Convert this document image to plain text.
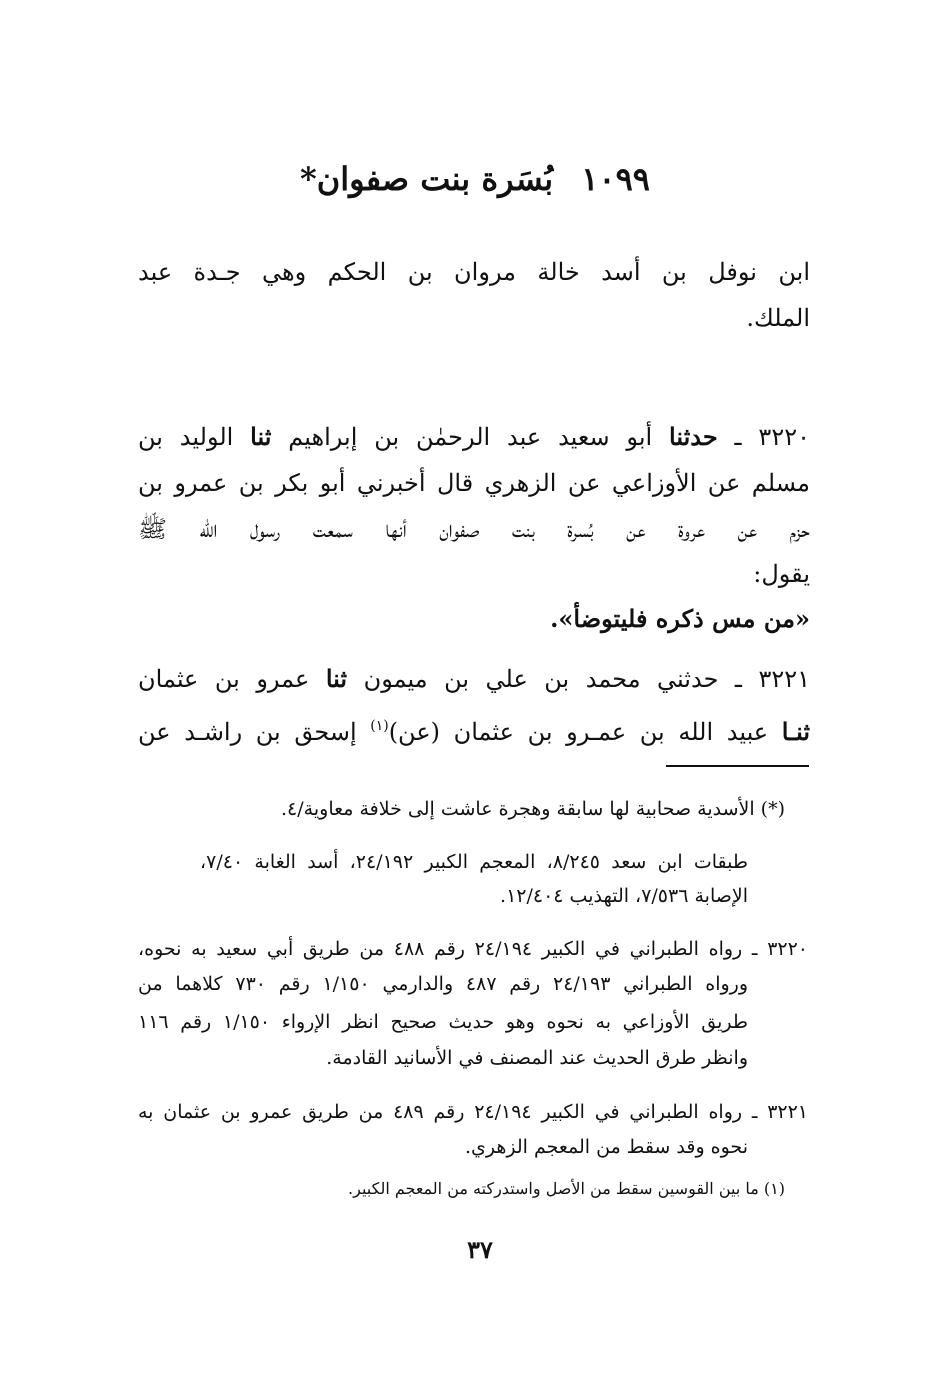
١٠٩٩بُسَرة بنت صفوان*
ابن نوفل بن أسد خالة مروان بن الحكم وهي جـدة عبد
الملك.
٣٢٢٠ ـ حدثنا أبو سعيد عبد الرحمٰن بن إبراهيم ثنا الوليد بن
مسلم عن الأوزاعي عن الزهري قال أخبرني أبو بكر بن عمرو بن
حزم عن عروة عن بُسرة بنت صفوان أنها سمعت رسول الله ﷺ
يقول:
«من مس ذكره فليتوضأ».
٣٢٢١ ـ حدثني محمد بن علي بن ميمون ثنا عمرو بن عثمان
ثنـا عبيد الله بن عمـرو بن عثمان (عن)$^{(١)}$ إسحق بن راشـد عن
(*) الأسدية صحابية لها سابقة وهجرة عاشت إلى خلافة معاوية/٤.
طبقات ابن سعد ٨/٢٤٥، المعجم الكبير ٢٤/١٩٢، أسد الغابة ٧/٤٠،
الإصابة ٧/٥٣٦، التهذيب ١٢/٤٠٤.
٣٢٢٠ ـ رواه الطبراني في الكبير ٢٤/١٩٤ رقم ٤٨٨ من طريق أبي سعيد به نحوه،
ورواه الطبراني ٢٤/١٩٣ رقم ٤٨٧ والدارمي ١/١٥٠ رقم ٧٣٠ كلاهما من
طريق الأوزاعي به نحوه وهو حديث صحيح انظر الإرواء ١/١٥٠ رقم ١١٦
وانظر طرق الحديث عند المصنف في الأسانيد القادمة.
٣٢٢١ ـ رواه الطبراني في الكبير ٢٤/١٩٤ رقم ٤٨٩ من طريق عمرو بن عثمان به
نحوه وقد سقط من المعجم الزهري.
(١) ما بين القوسين سقط من الأصل واستدركته من المعجم الكبير.
٣٧
